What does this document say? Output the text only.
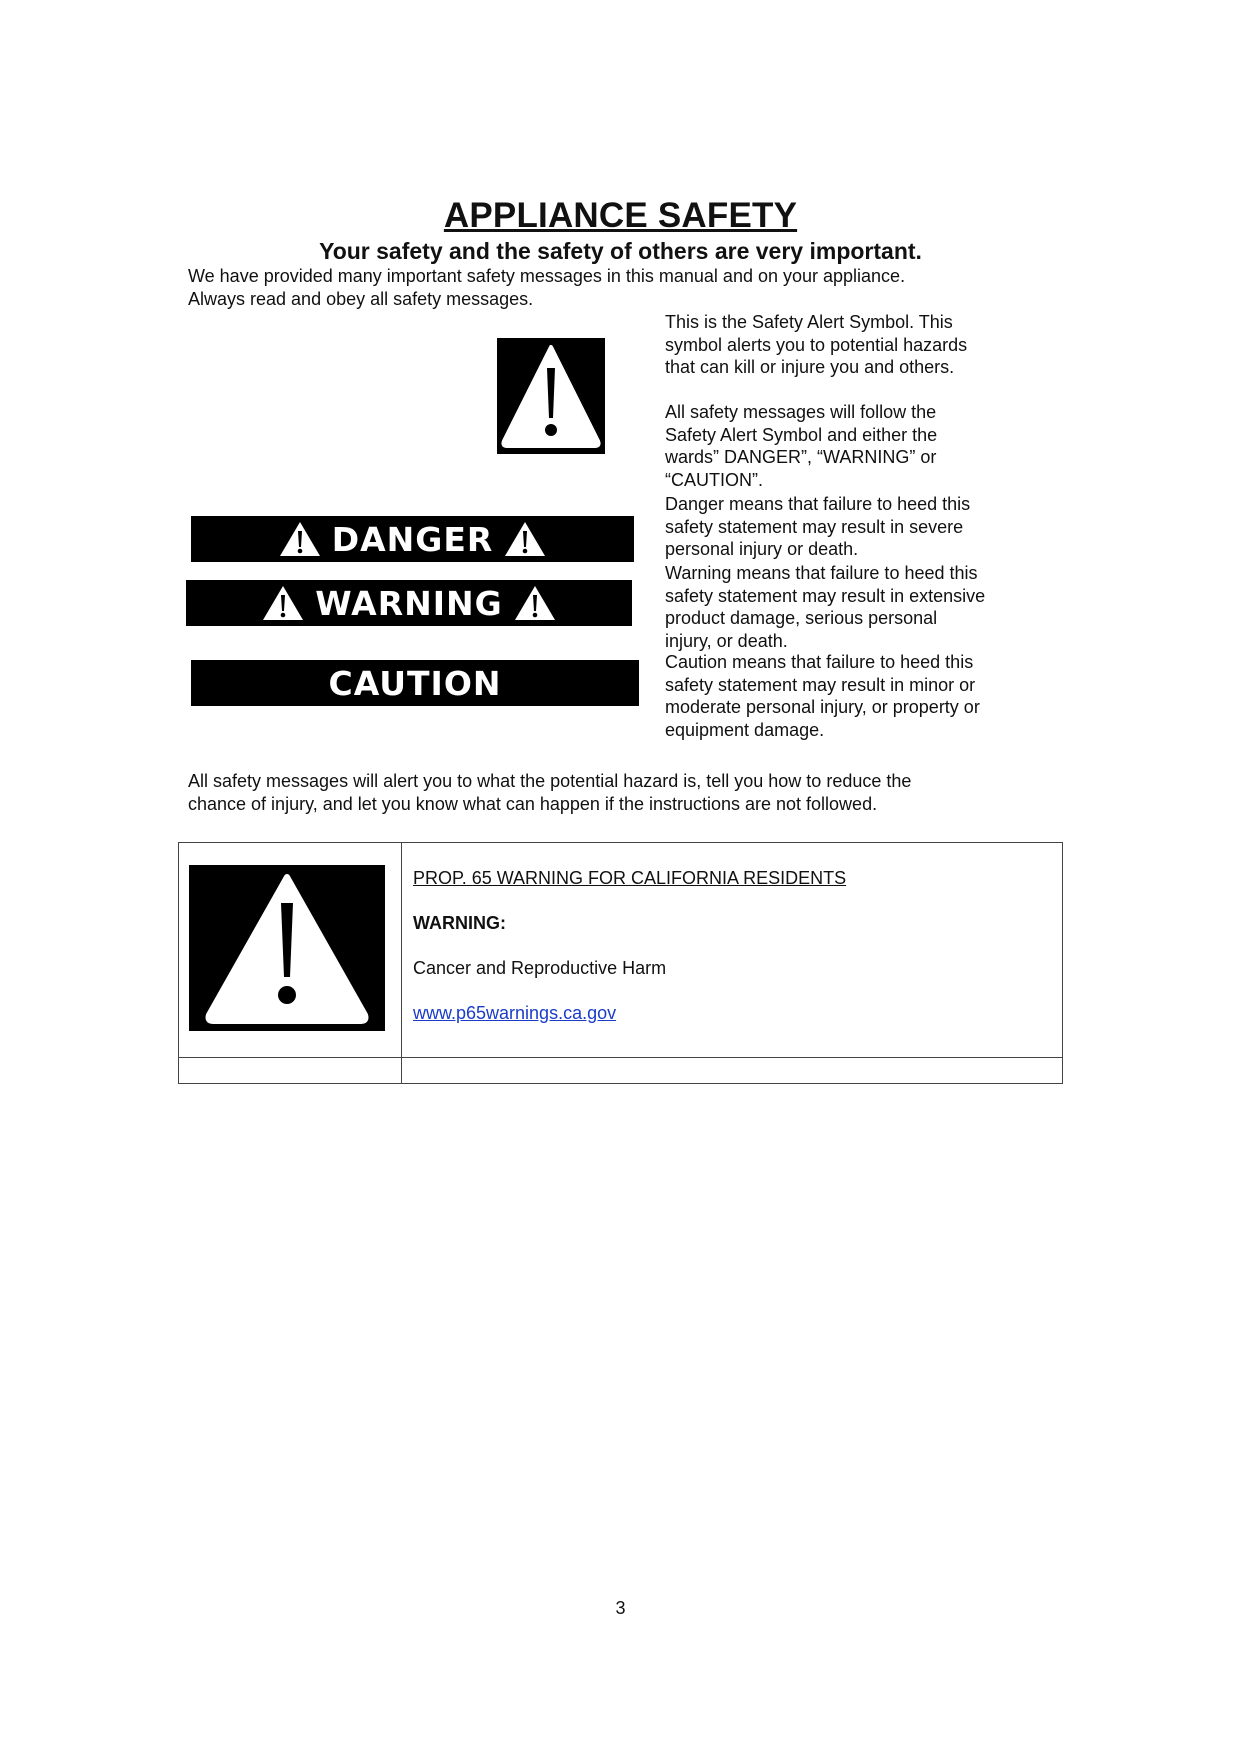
APPLIANCE SAFETY
Your safety and the safety of others are very important.
We have provided many important safety messages in this manual and on your appliance.
Always read and obey all safety messages.
This is the Safety Alert Symbol. This
symbol alerts you to potential hazards
that can kill or injure you and others.
All safety messages will follow the
Safety Alert Symbol and either the
wards” DANGER”, “WARNING” or
“CAUTION”.
Danger means that failure to heed this
safety statement may result in severe
personal injury or death.
Warning means that failure to heed this
safety statement may result in extensive
product damage, serious personal
injury, or death.
Caution means that failure to heed this
safety statement may result in minor or
moderate personal injury, or property or
equipment damage.
DANGER
WARNING
CAUTION
All safety messages will alert you to what the potential hazard is, tell you how to reduce the
chance of injury, and let you know what can happen if the instructions are not followed.

PROP. 65 WARNING FOR CALIFORNIA RESIDENTS

WARNING:

Cancer and Reproductive Harm

www.p65warnings.ca.gov

3
